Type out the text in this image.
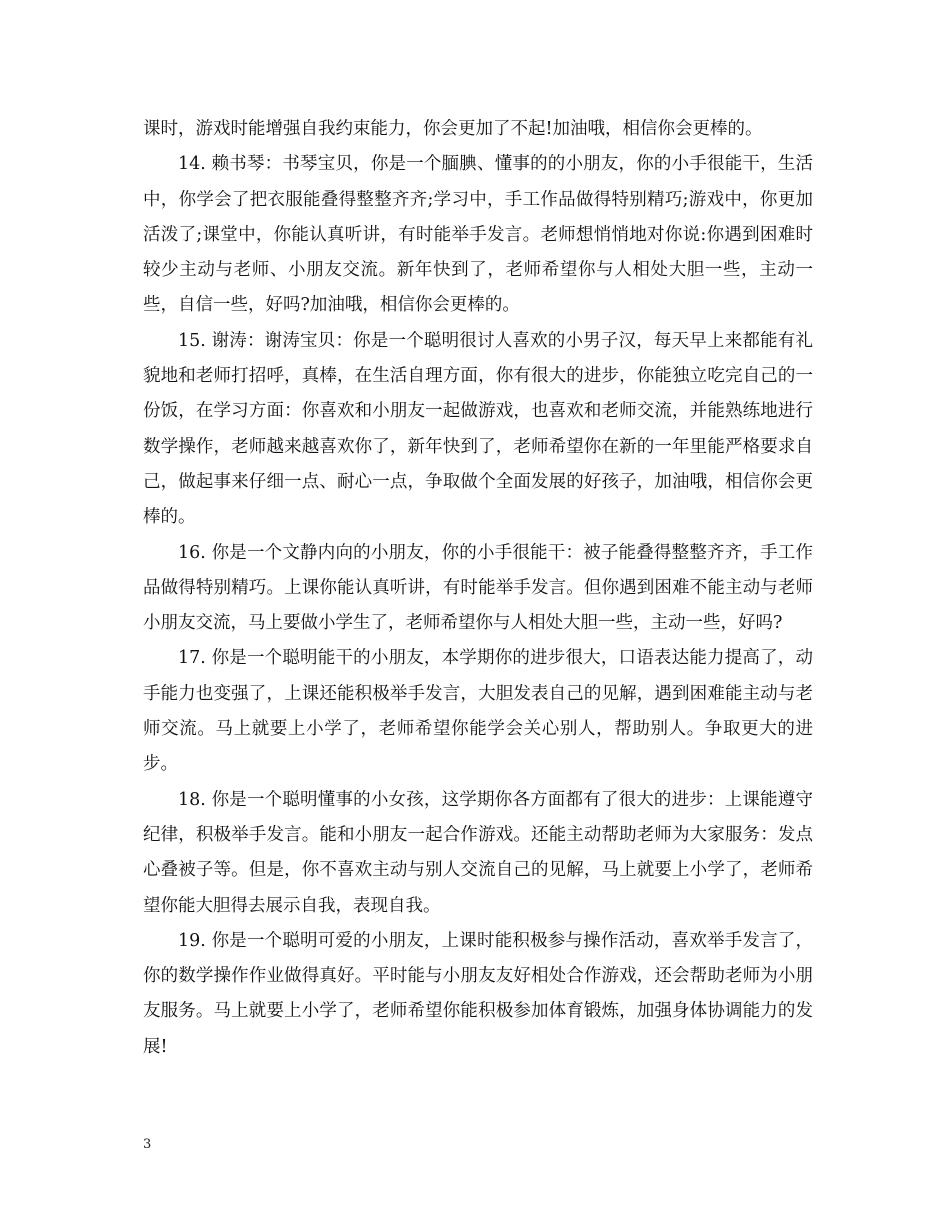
课时，游戏时能增强自我约束能力，你会更加了不起!加油哦，相信你会更棒的。

14. 赖书琴：书琴宝贝，你是一个腼腆、懂事的的小朋友，你的小手很能干，生活中，你学会了把衣服能叠得整整齐齐;学习中，手工作品做得特别精巧;游戏中，你更加活泼了;课堂中，你能认真听讲，有时能举手发言。老师想悄悄地对你说:你遇到困难时较少主动与老师、小朋友交流。新年快到了，老师希望你与人相处大胆一些，主动一些，自信一些，好吗?加油哦，相信你会更棒的。

15. 谢涛：谢涛宝贝：你是一个聪明很讨人喜欢的小男子汉，每天早上来都能有礼貌地和老师打招呼，真棒，在生活自理方面，你有很大的进步，你能独立吃完自己的一份饭，在学习方面：你喜欢和小朋友一起做游戏，也喜欢和老师交流，并能熟练地进行数学操作，老师越来越喜欢你了，新年快到了，老师希望你在新的一年里能严格要求自己，做起事来仔细一点、耐心一点，争取做个全面发展的好孩子，加油哦，相信你会更棒的。

16. 你是一个文静内向的小朋友，你的小手很能干：被子能叠得整整齐齐，手工作品做得特别精巧。上课你能认真听讲，有时能举手发言。但你遇到困难不能主动与老师小朋友交流，马上要做小学生了，老师希望你与人相处大胆一些，主动一些，好吗?

17. 你是一个聪明能干的小朋友，本学期你的进步很大，口语表达能力提高了，动手能力也变强了，上课还能积极举手发言，大胆发表自己的见解，遇到困难能主动与老师交流。马上就要上小学了，老师希望你能学会关心别人，帮助别人。争取更大的进步。

18. 你是一个聪明懂事的小女孩，这学期你各方面都有了很大的进步：上课能遵守纪律，积极举手发言。能和小朋友一起合作游戏。还能主动帮助老师为大家服务：发点心叠被子等。但是，你不喜欢主动与别人交流自己的见解，马上就要上小学了，老师希望你能大胆得去展示自我，表现自我。

19. 你是一个聪明可爱的小朋友，上课时能积极参与操作活动，喜欢举手发言了，你的数学操作作业做得真好。平时能与小朋友友好相处合作游戏，还会帮助老师为小朋友服务。马上就要上小学了，老师希望你能积极参加体育锻炼，加强身体协调能力的发展!

3
